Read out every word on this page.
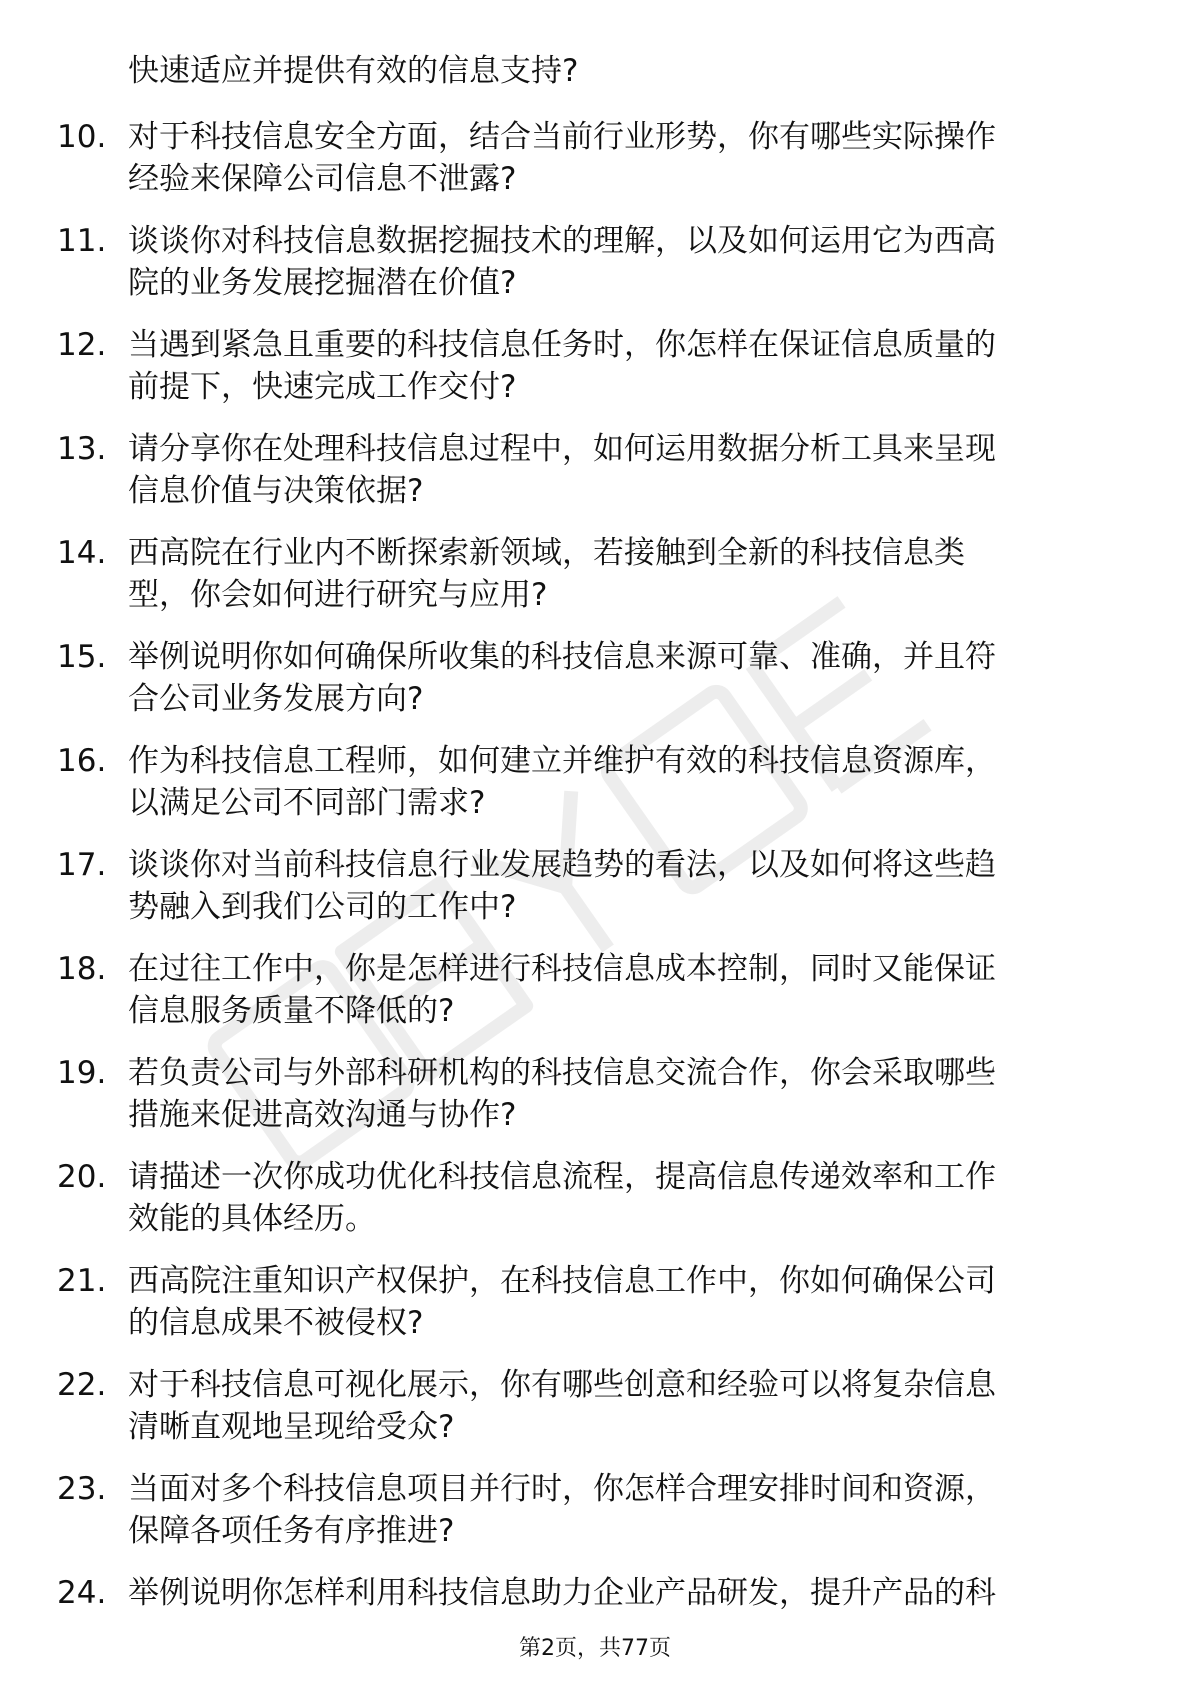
快速适应并提供有效的信息支持?
10. 对于科技信息安全方面，结合当前行业形势，你有哪些实际操作
经验来保障公司信息不泄露?
11. 谈谈你对科技信息数据挖掘技术的理解，以及如何运用它为西高
院的业务发展挖掘潜在价值?
12. 当遇到紧急且重要的科技信息任务时，你怎样在保证信息质量的
前提下，快速完成工作交付?
13. 请分享你在处理科技信息过程中，如何运用数据分析工具来呈现
信息价值与决策依据?
14. 西高院在行业内不断探索新领域，若接触到全新的科技信息类
型，你会如何进行研究与应用?
15. 举例说明你如何确保所收集的科技信息来源可靠、准确，并且符
合公司业务发展方向?
16. 作为科技信息工程师，如何建立并维护有效的科技信息资源库，
以满足公司不同部门需求?
17. 谈谈你对当前科技信息行业发展趋势的看法，以及如何将这些趋
势融入到我们公司的工作中?
18. 在过往工作中，你是怎样进行科技信息成本控制，同时又能保证
信息服务质量不降低的?
19. 若负责公司与外部科研机构的科技信息交流合作，你会采取哪些
措施来促进高效沟通与协作?
20. 请描述一次你成功优化科技信息流程，提高信息传递效率和工作
效能的具体经历。
21. 西高院注重知识产权保护，在科技信息工作中，你如何确保公司
的信息成果不被侵权?
22. 对于科技信息可视化展示，你有哪些创意和经验可以将复杂信息
清晰直观地呈现给受众?
23. 当面对多个科技信息项目并行时，你怎样合理安排时间和资源，
保障各项任务有序推进?
24. 举例说明你怎样利用科技信息助力企业产品研发，提升产品的科
第2页，共77页
